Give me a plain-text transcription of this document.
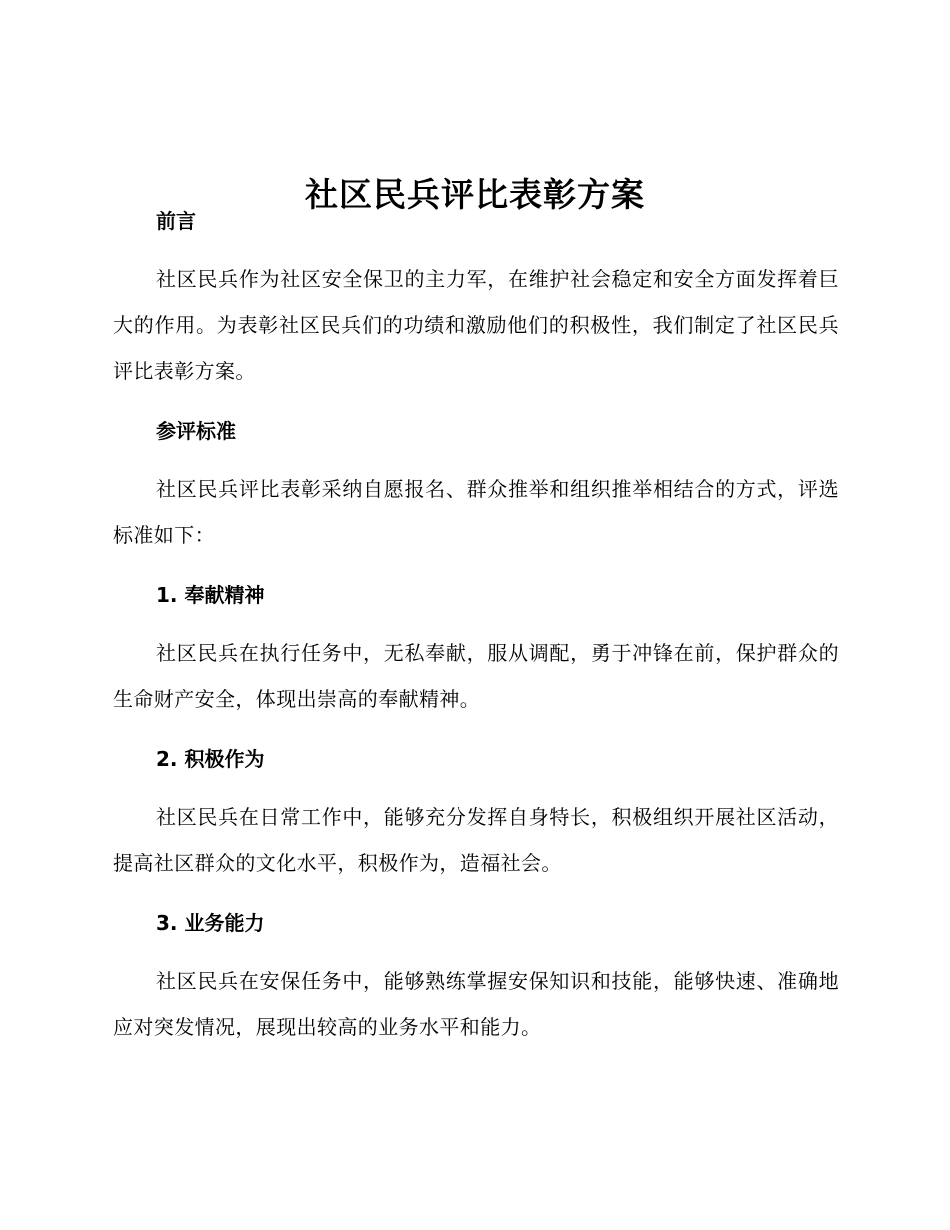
社区民兵评比表彰方案

前言

社区民兵作为社区安全保卫的主力军，在维护社会稳定和安全方面发挥着巨大的作用。为表彰社区民兵们的功绩和激励他们的积极性，我们制定了社区民兵评比表彰方案。

参评标准

社区民兵评比表彰采纳自愿报名、群众推举和组织推举相结合的方式，评选标准如下：

1. 奉献精神

社区民兵在执行任务中，无私奉献，服从调配，勇于冲锋在前，保护群众的生命财产安全，体现出崇高的奉献精神。

2. 积极作为

社区民兵在日常工作中，能够充分发挥自身特长，积极组织开展社区活动，提高社区群众的文化水平，积极作为，造福社会。

3. 业务能力

社区民兵在安保任务中，能够熟练掌握安保知识和技能，能够快速、准确地应对突发情况，展现出较高的业务水平和能力。
